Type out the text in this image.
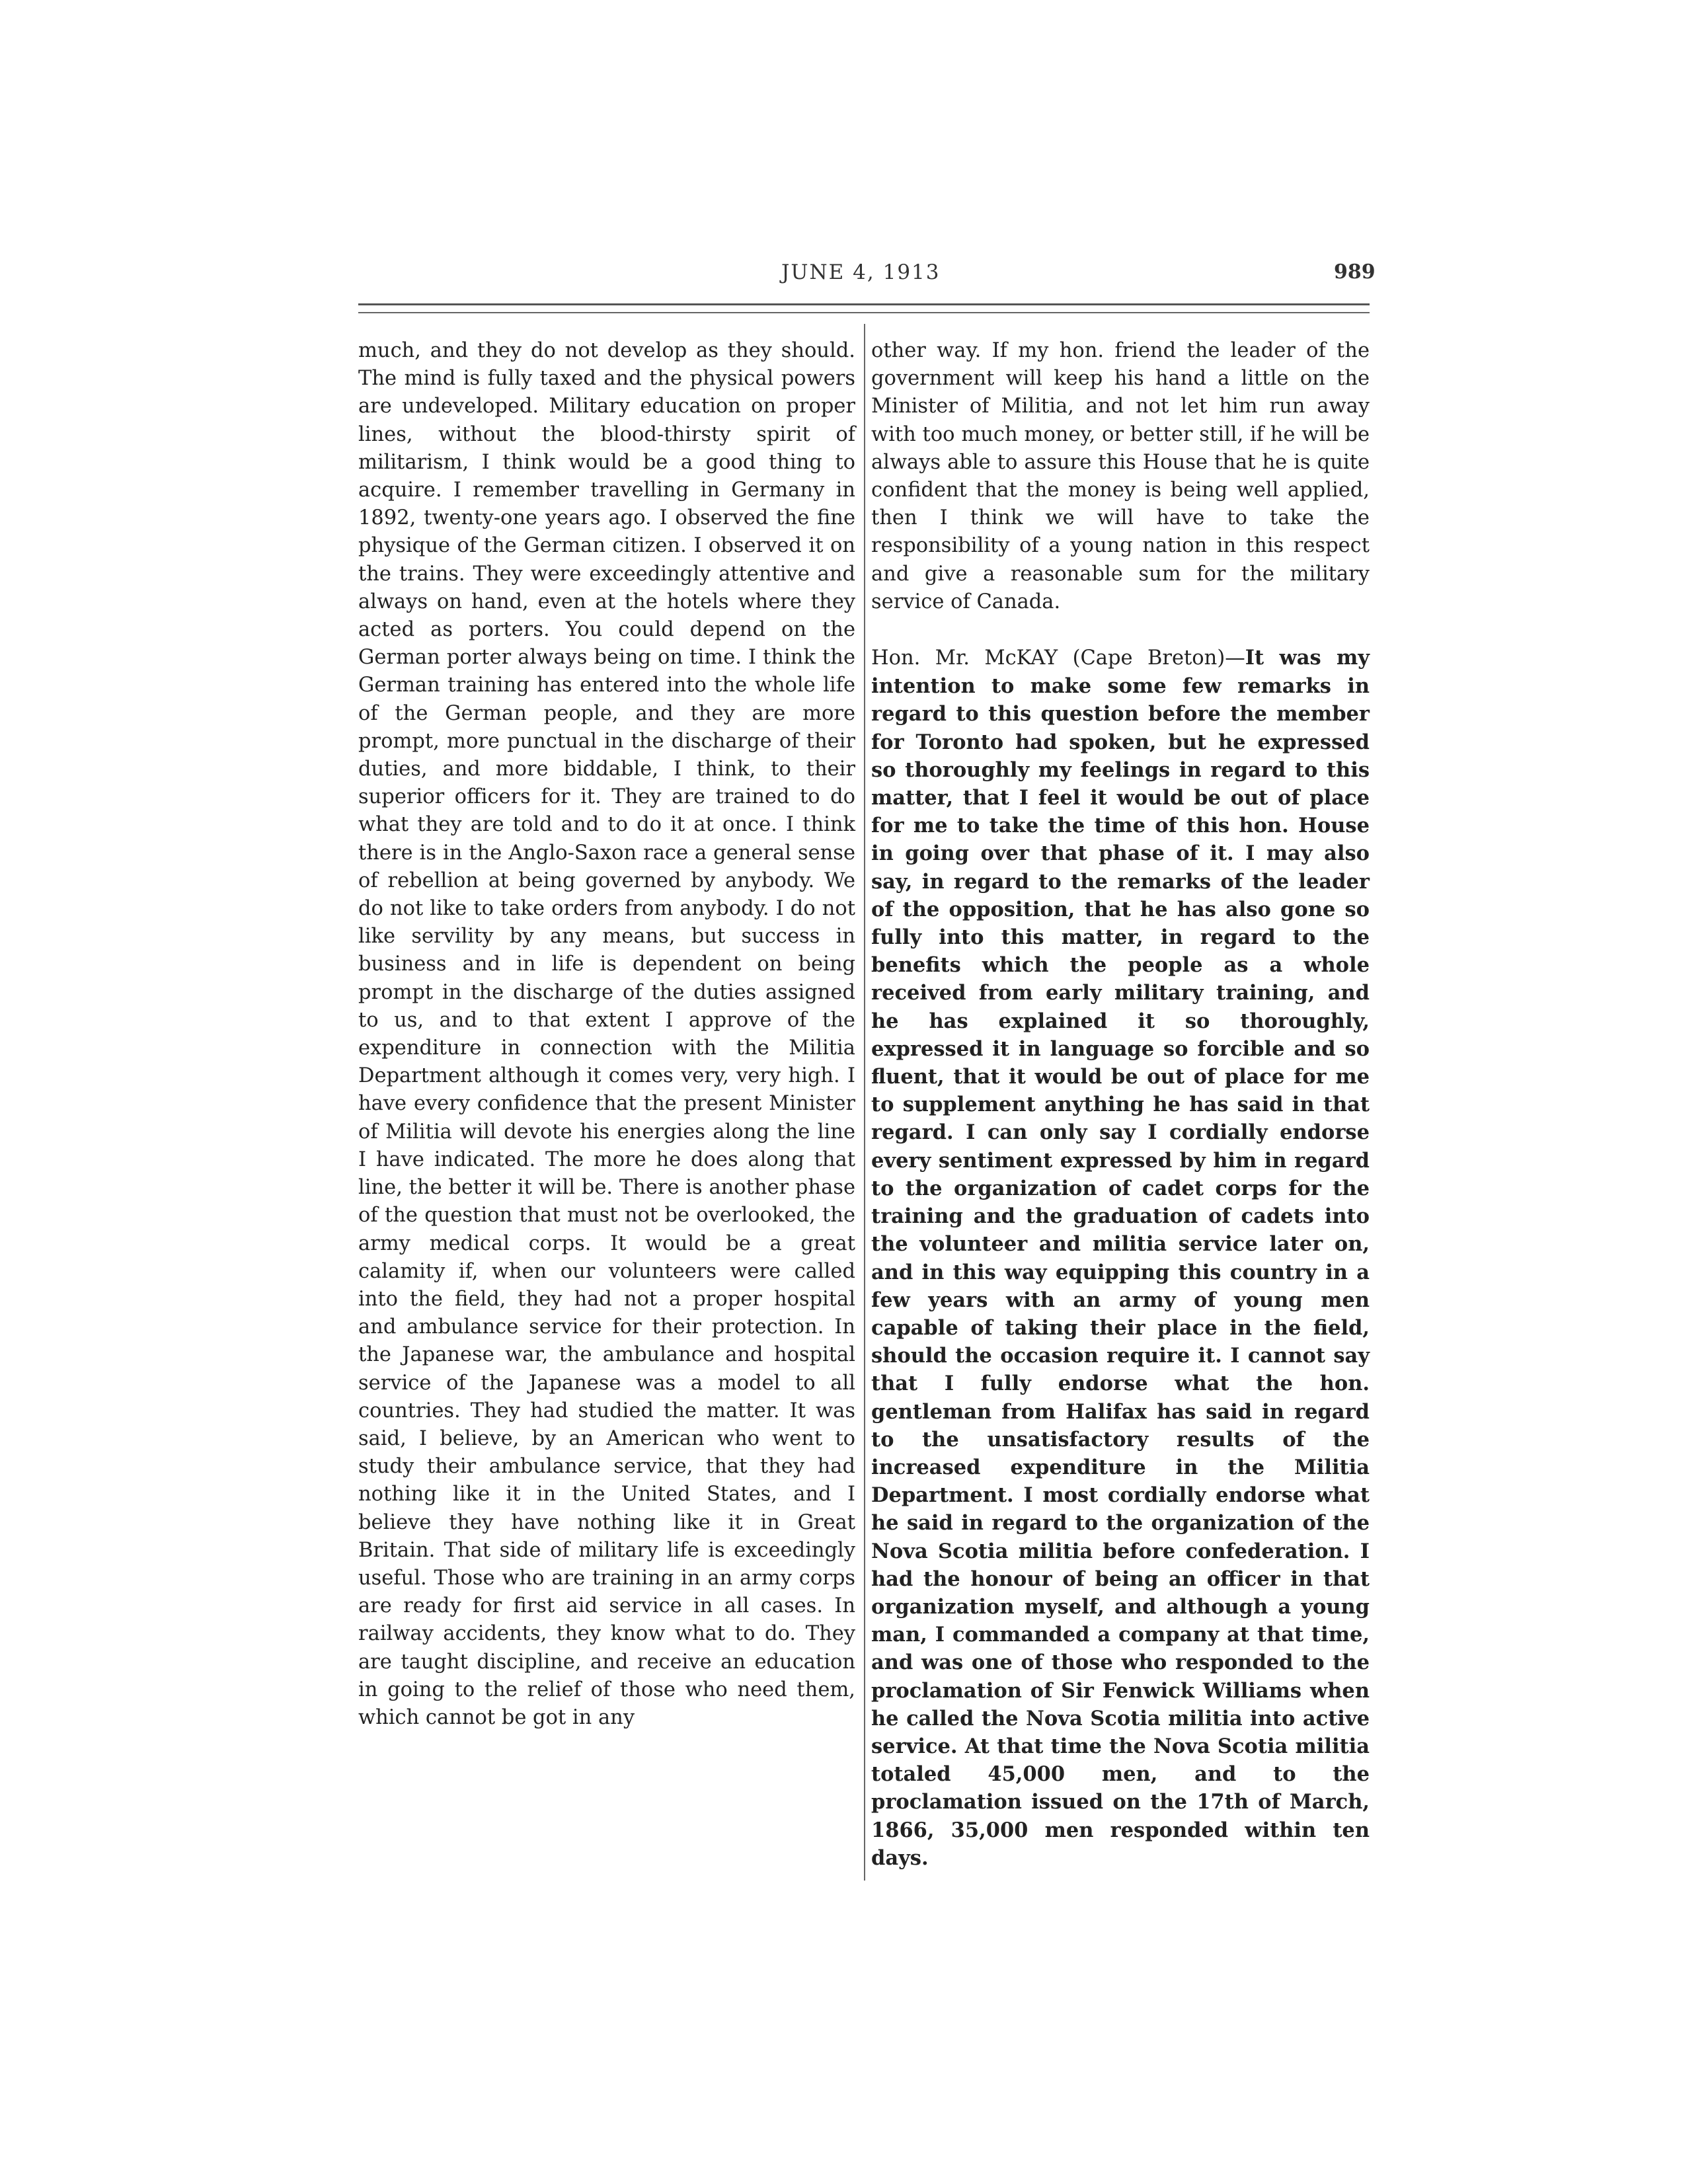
JUNE 4, 1913	989

much, and they do not develop as they should. The mind is fully taxed and the physical powers are undeveloped. Military education on proper lines, without the blood-thirsty spirit of militarism, I think would be a good thing to acquire. I remember travelling in Germany in 1892, twenty-one years ago. I observed the fine physique of the German citizen. I observed it on the trains. They were exceedingly attentive and always on hand, even at the hotels where they acted as porters. You could depend on the German porter always being on time. I think the German training has entered into the whole life of the German people, and they are more prompt, more punctual in the discharge of their duties, and more biddable, I think, to their superior officers for it. They are trained to do what they are told and to do it at once. I think there is in the Anglo-Saxon race a general sense of rebellion at being governed by anybody. We do not like to take orders from anybody. I do not like servility by any means, but success in business and in life is dependent on being prompt in the discharge of the duties assigned to us, and to that extent I approve of the expenditure in connection with the Militia Department although it comes very, very high. I have every confidence that the present Minister of Militia will devote his energies along the line I have indicated. The more he does along that line, the better it will be. There is another phase of the question that must not be overlooked, the army medical corps. It would be a great calamity if, when our volunteers were called into the field, they had not a proper hospital and ambulance service for their protection. In the Japanese war, the ambulance and hospital service of the Japanese was a model to all countries. They had studied the matter. It was said, I believe, by an American who went to study their ambulance service, that they had nothing like it in the United States, and I believe they have nothing like it in Great Britain. That side of military life is exceedingly useful. Those who are training in an army corps are ready for first aid service in all cases. In railway accidents, they know what to do. They are taught discipline, and receive an education in going to the relief of those who need them, which cannot be got in any

other way. If my hon. friend the leader of the government will keep his hand a little on the Minister of Militia, and not let him run away with too much money, or better still, if he will be always able to assure this House that he is quite confident that the money is being well applied, then I think we will have to take the responsibility of a young nation in this respect and give a reasonable sum for the military service of Canada.

Hon. Mr. McKAY (Cape Breton)—It was my intention to make some few remarks in regard to this question before the member for Toronto had spoken, but he expressed so thoroughly my feelings in regard to this matter, that I feel it would be out of place for me to take the time of this hon. House in going over that phase of it. I may also say, in regard to the remarks of the leader of the opposition, that he has also gone so fully into this matter, in regard to the benefits which the people as a whole received from early military training, and he has explained it so thoroughly, expressed it in language so forcible and so fluent, that it would be out of place for me to supplement anything he has said in that regard. I can only say I cordially endorse every sentiment expressed by him in regard to the organization of cadet corps for the training and the graduation of cadets into the volunteer and militia service later on, and in this way equipping this country in a few years with an army of young men capable of taking their place in the field, should the occasion require it. I cannot say that I fully endorse what the hon. gentleman from Halifax has said in regard to the unsatisfactory results of the increased expenditure in the Militia Department. I most cordially endorse what he said in regard to the organization of the Nova Scotia militia before confederation. I had the honour of being an officer in that organization myself, and although a young man, I commanded a company at that time, and was one of those who responded to the proclamation of Sir Fenwick Williams when he called the Nova Scotia militia into active service. At that time the Nova Scotia militia totaled 45,000 men, and to the proclamation issued on the 17th of March, 1866, 35,000 men responded within ten days.
